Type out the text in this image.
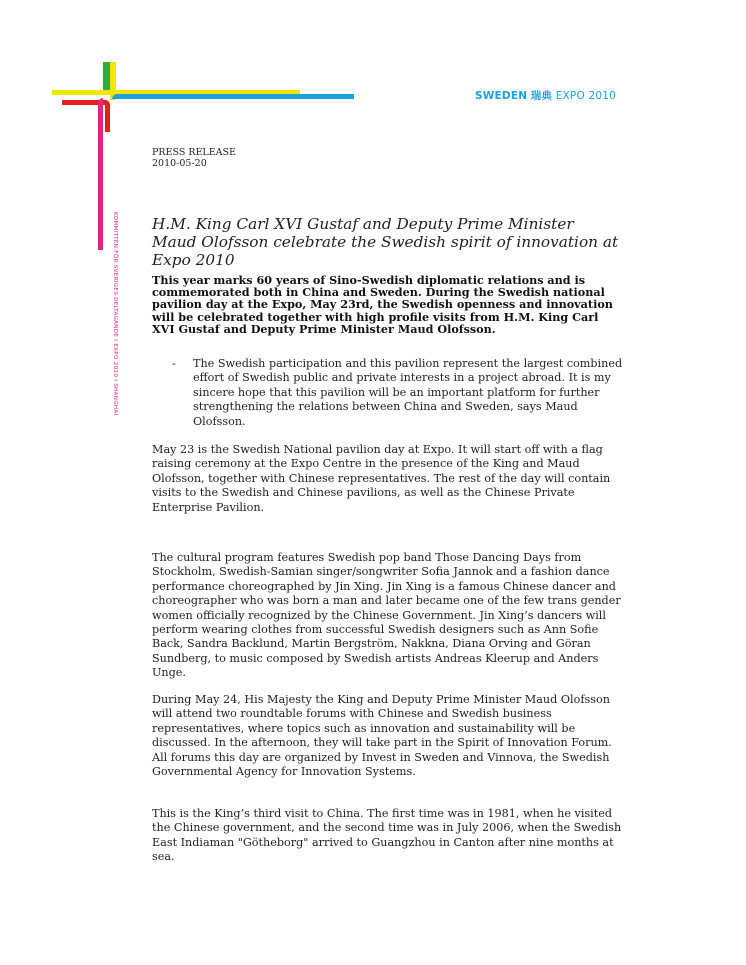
SWEDEN 瑞典 EXPO 2010
KOMMITTÉN FÖR SVERIGES DELTAGANDE I EXPO 2010 I SHANGHAI
PRESS RELEASE
2010-05-20
H.M. King Carl XVI Gustaf and Deputy Prime Minister Maud Olofsson celebrate the Swedish spirit of innovation at Expo 2010

This year marks 60 years of Sino-Swedish diplomatic relations and is commemorated both in China and Sweden. During the Swedish national pavilion day at the Expo, May 23rd, the Swedish openness and innovation will be celebrated together with high profile visits from H.M. King Carl XVI Gustaf and Deputy Prime Minister Maud Olofsson.

- The Swedish participation and this pavilion represent the largest combined effort of Swedish public and private interests in a project abroad. It is my sincere hope that this pavilion will be an important platform for further strengthening the relations between China and Sweden, says Maud Olofsson.

May 23 is the Swedish National pavilion day at Expo. It will start off with a flag raising ceremony at the Expo Centre in the presence of the King and Maud Olofsson, together with Chinese representatives. The rest of the day will contain visits to the Swedish and Chinese pavilions, as well as the Chinese Private Enterprise Pavilion.

The cultural program features Swedish pop band Those Dancing Days from Stockholm, Swedish-Samian singer/songwriter Sofia Jannok and a fashion dance performance choreographed by Jin Xing. Jin Xing is a famous Chinese dancer and choreographer who was born a man and later became one of the few trans gender women officially recognized by the Chinese Government. Jin Xing’s dancers will perform wearing clothes from successful Swedish designers such as Ann Sofie Back, Sandra Backlund, Martin Bergström, Nakkna, Diana Orving and Göran Sundberg, to music composed by Swedish artists Andreas Kleerup and Anders Unge.

During May 24, His Majesty the King and Deputy Prime Minister Maud Olofsson will attend two roundtable forums with Chinese and Swedish business representatives, where topics such as innovation and sustainability will be discussed. In the afternoon, they will take part in the Spirit of Innovation Forum. All forums this day are organized by Invest in Sweden and Vinnova, the Swedish Governmental Agency for Innovation Systems.

This is the King’s third visit to China. The first time was in 1981, when he visited the Chinese government, and the second time was in July 2006, when the Swedish East Indiaman "Götheborg" arrived to Guangzhou in Canton after nine months at sea.
